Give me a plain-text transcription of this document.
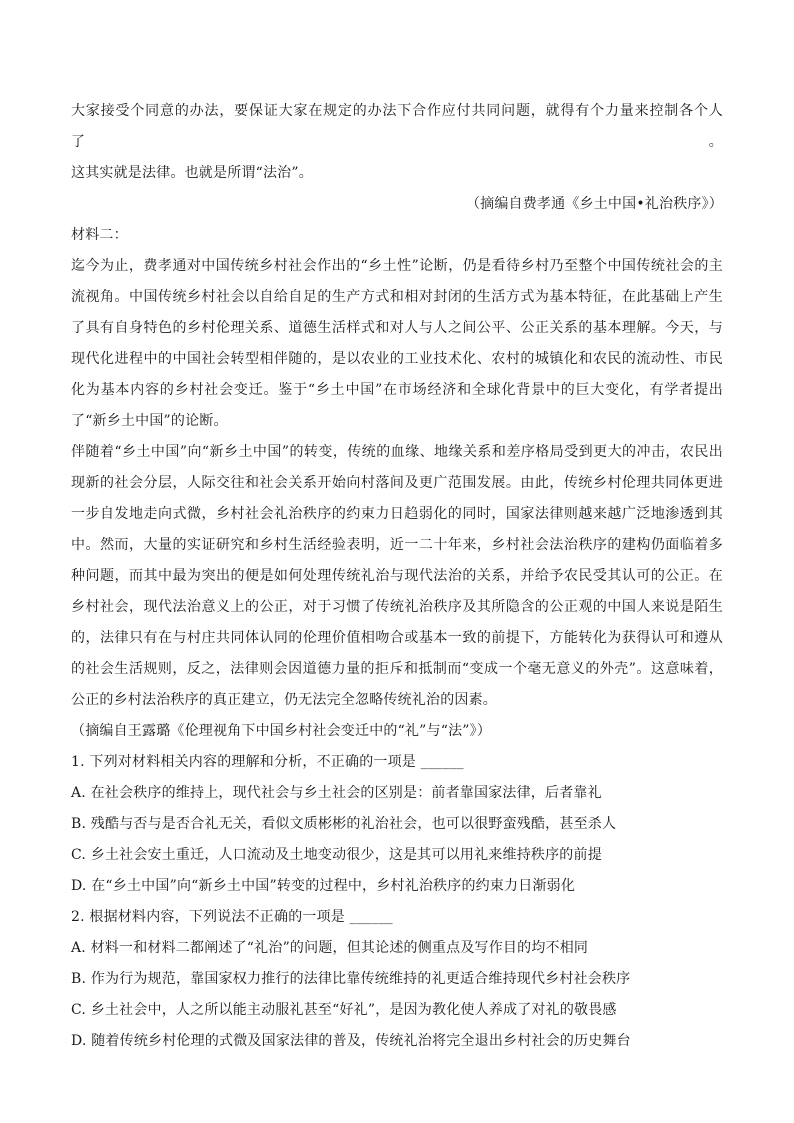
大家接受个同意的办法，要保证大家在规定的办法下合作应付共同问题，就得有个力量来控制各个人了。

这其实就是法律。也就是所谓“法治”。

（摘编自费孝通《乡土中国•礼治秩序》）

材料二：

迄今为止，费孝通对中国传统乡村社会作出的“乡土性”论断，仍是看待乡村乃至整个中国传统社会的主流视角。中国传统乡村社会以自给自足的生产方式和相对封闭的生活方式为基本特征，在此基础上产生了具有自身特色的乡村伦理关系、道德生活样式和对人与人之间公平、公正关系的基本理解。今天，与现代化进程中的中国社会转型相伴随的，是以农业的工业技术化、农村的城镇化和农民的流动性、市民化为基本内容的乡村社会变迁。鉴于“乡土中国”在市场经济和全球化背景中的巨大变化，有学者提出了“新乡土中国”的论断。

伴随着“乡土中国”向“新乡土中国”的转变，传统的血缘、地缘关系和差序格局受到更大的冲击，农民出现新的社会分层，人际交往和社会关系开始向村落间及更广范围发展。由此，传统乡村伦理共同体更进一步自发地走向式微，乡村社会礼治秩序的约束力日趋弱化的同时，国家法律则越来越广泛地渗透到其中。然而，大量的实证研究和乡村生活经验表明，近一二十年来，乡村社会法治秩序的建构仍面临着多种问题，而其中最为突出的便是如何处理传统礼治与现代法治的关系，并给予农民受其认可的公正。在乡村社会，现代法治意义上的公正，对于习惯了传统礼治秩序及其所隐含的公正观的中国人来说是陌生的，法律只有在与村庄共同体认同的伦理价值相吻合或基本一致的前提下，方能转化为获得认可和遵从的社会生活规则，反之，法律则会因道德力量的拒斥和抵制而“变成一个毫无意义的外壳”。这意味着，公正的乡村法治秩序的真正建立，仍无法完全忽略传统礼治的因素。

（摘编自王露璐《伦理视角下中国乡村社会变迁中的“礼”与“法”》）

1. 下列对材料相关内容的理解和分析，不正确的一项是 ______

A. 在社会秩序的维持上，现代社会与乡土社会的区别是：前者靠国家法律，后者靠礼

B. 残酷与否与是否合礼无关，看似文质彬彬的礼治社会，也可以很野蛮残酷，甚至杀人

C. 乡土社会安土重迁，人口流动及土地变动很少，这是其可以用礼来维持秩序的前提

D. 在“乡土中国”向“新乡土中国”转变的过程中，乡村礼治秩序的约束力日渐弱化

2. 根据材料内容，下列说法不正确的一项是 ______

A. 材料一和材料二都阐述了“礼治”的问题，但其论述的侧重点及写作目的均不相同

B. 作为行为规范，靠国家权力推行的法律比靠传统维持的礼更适合维持现代乡村社会秩序

C. 乡土社会中，人之所以能主动服礼甚至“好礼”，是因为教化使人养成了对礼的敬畏感

D. 随着传统乡村伦理的式微及国家法律的普及，传统礼治将完全退出乡村社会的历史舞台
